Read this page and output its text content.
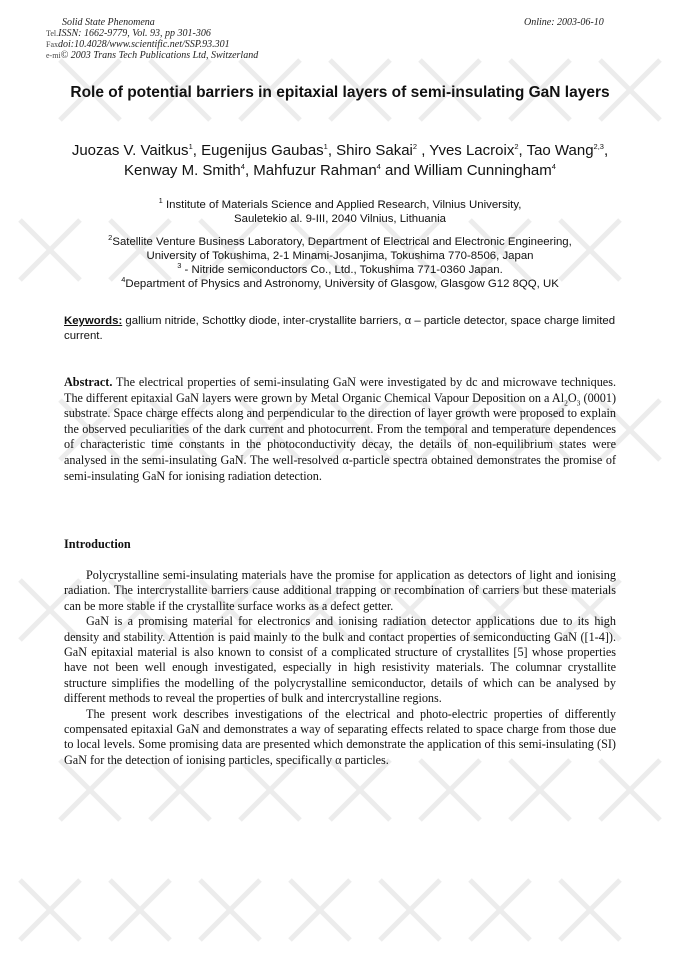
Solid State Phenomena	Online: 2003-06-10
Tel.ISSN: 1662-9779, Vol. 93, pp 301-306
Faxdoi:10.4028/www.scientific.net/SSP.93.301
e-mi© 2003 Trans Tech Publications Ltd, Switzerland
Role of potential barriers in epitaxial layers of semi-insulating GaN layers
Juozas V. Vaitkus$^1$, Eugenijus Gaubas$^1$, Shiro Sakai$^2$ , Yves Lacroix$^2$, Tao Wang$^{2,3}$, Kenway M. Smith$^4$, Mahfuzur Rahman$^4$ and William Cunningham$^4$
$^1$ Institute of Materials Science and Applied Research, Vilnius University,
Sauletekio al. 9-III, 2040 Vilnius, Lithuania
$^2$Satellite Venture Business Laboratory, Department of Electrical and Electronic Engineering,
University of Tokushima, 2-1 Minami-Josanjima, Tokushima 770-8506, Japan
$^3$ - Nitride semiconductors Co., Ltd., Tokushima 771-0360 Japan.
$^4$Department of Physics and Astronomy, University of Glasgow, Glasgow G12 8QQ, UK
Keywords: gallium nitride, Schottky diode, inter-crystallite barriers, α – particle detector, space charge limited current.
Abstract. The electrical properties of semi-insulating GaN were investigated by dc and microwave techniques. The different epitaxial GaN layers were grown by Metal Organic Chemical Vapour Deposition on a $Al_2O_3$ (0001) substrate. Space charge effects along and perpendicular to the direction of layer growth were proposed to explain the observed peculiarities of the dark current and photocurrent. From the temporal and temperature dependences of characteristic time constants in the photoconductivity decay, the details of non-equilibrium states were analysed in the semi-insulating GaN. The well-resolved α-particle spectra obtained demonstrates the promise of semi-insulating GaN for ionising radiation detection.
Introduction

Polycrystalline semi-insulating materials have the promise for application as detectors of light and ionising radiation. The intercrystallite barriers cause additional trapping or recombination of carriers but these materials can be more stable if the crystallite surface works as a defect getter.

GaN is a promising material for electronics and ionising radiation detector applications due to its high density and stability. Attention is paid mainly to the bulk and contact properties of semiconducting GaN ([1-4]). GaN epitaxial material is also known to consist of a complicated structure of crystallites [5] whose properties have not been well enough investigated, especially in high resistivity materials. The columnar crystallite structure simplifies the modelling of the polycrystalline semiconductor, details of which can be analysed by different methods to reveal the properties of bulk and intercrystalline regions.

The present work describes investigations of the electrical and photo-electric properties of differently compensated epitaxial GaN and demonstrates a way of separating effects related to space charge from those due to local levels. Some promising data are presented which demonstrate the application of this semi-insulating (SI) GaN for the detection of ionising particles, specifically α particles.
